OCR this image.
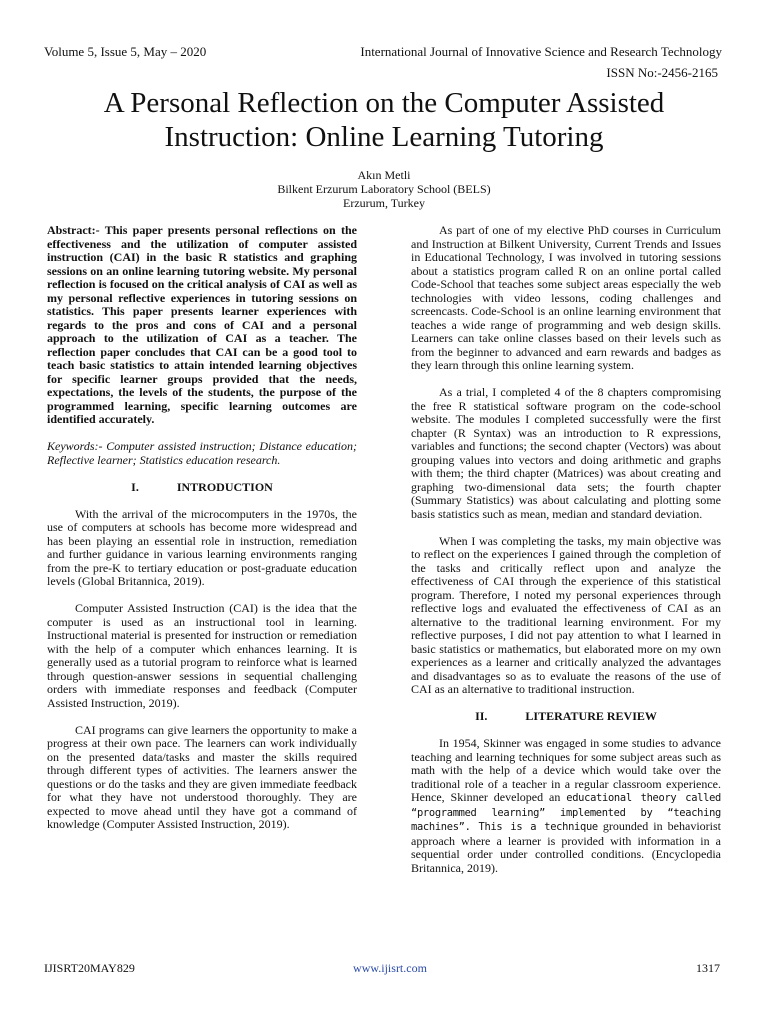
Volume 5, Issue 5, May – 2020	International Journal of Innovative Science and Research Technology
ISSN No:-2456-2165
A Personal Reflection on the Computer Assisted Instruction: Online Learning Tutoring
Akın Metli
Bilkent Erzurum Laboratory School (BELS)
Erzurum, Turkey

Abstract:- This paper presents personal reflections on the effectiveness and the utilization of computer assisted instruction (CAI) in the basic R statistics and graphing sessions on an online learning tutoring website. My personal reflection is focused on the critical analysis of CAI as well as my personal reflective experiences in tutoring sessions on statistics. This paper presents learner experiences with regards to the pros and cons of CAI and a personal approach to the utilization of CAI as a teacher. The reflection paper concludes that CAI can be a good tool to teach basic statistics to attain intended learning objectives for specific learner groups provided that the needs, expectations, the levels of the students, the purpose of the programmed learning, specific learning outcomes are identified accurately.

Keywords:- Computer assisted instruction; Distance education; Reflective learner; Statistics education research.

I.	INTRODUCTION

With the arrival of the microcomputers in the 1970s, the use of computers at schools has become more widespread and has been playing an essential role in instruction, remediation and further guidance in various learning environments ranging from the pre-K to tertiary education or post-graduate education levels (Global Britannica, 2019).

Computer Assisted Instruction (CAI) is the idea that the computer is used as an instructional tool in learning. Instructional material is presented for instruction or remediation with the help of a computer which enhances learning. It is generally used as a tutorial program to reinforce what is learned through question-answer sessions in sequential challenging orders with immediate responses and feedback (Computer Assisted Instruction, 2019).

CAI programs can give learners the opportunity to make a progress at their own pace. The learners can work individually on the presented data/tasks and master the skills required through different types of activities. The learners answer the questions or do the tasks and they are given immediate feedback for what they have not understood thoroughly. They are expected to move ahead until they have got a command of knowledge (Computer Assisted Instruction, 2019).

As part of one of my elective PhD courses in Curriculum and Instruction at Bilkent University, Current Trends and Issues in Educational Technology, I was involved in tutoring sessions about a statistics program called R on an online portal called Code-School that teaches some subject areas especially the web technologies with video lessons, coding challenges and screencasts. Code-School is an online learning environment that teaches a wide range of programming and web design skills. Learners can take online classes based on their levels such as from the beginner to advanced and earn rewards and badges as they learn through this online learning system.

As a trial, I completed 4 of the 8 chapters compromising the free R statistical software program on the code-school website. The modules I completed successfully were the first chapter (R Syntax) was an introduction to R expressions, variables and functions; the second chapter (Vectors) was about grouping values into vectors and doing arithmetic and graphs with them; the third chapter (Matrices) was about creating and graphing two-dimensional data sets; the fourth chapter (Summary Statistics) was about calculating and plotting some basis statistics such as mean, median and standard deviation.

When I was completing the tasks, my main objective was to reflect on the experiences I gained through the completion of the tasks and critically reflect upon and analyze the effectiveness of CAI through the experience of this statistical program. Therefore, I noted my personal experiences through reflective logs and evaluated the effectiveness of CAI as an alternative to the traditional learning environment. For my reflective purposes, I did not pay attention to what I learned in basic statistics or mathematics, but elaborated more on my own experiences as a learner and critically analyzed the advantages and disadvantages so as to evaluate the reasons of the use of CAI as an alternative to traditional instruction.

II.	LITERATURE REVIEW

In 1954, Skinner was engaged in some studies to advance teaching and learning techniques for some subject areas such as math with the help of a device which would take over the traditional role of a teacher in a regular classroom experience. Hence, Skinner developed an educational theory called “programmed learning” implemented by “teaching machines”. This is a technique grounded in behaviorist approach where a learner is provided with information in a sequential order under controlled conditions. (Encyclopedia Britannica, 2019).

IJISRT20MAY829	www.ijisrt.com	1317
